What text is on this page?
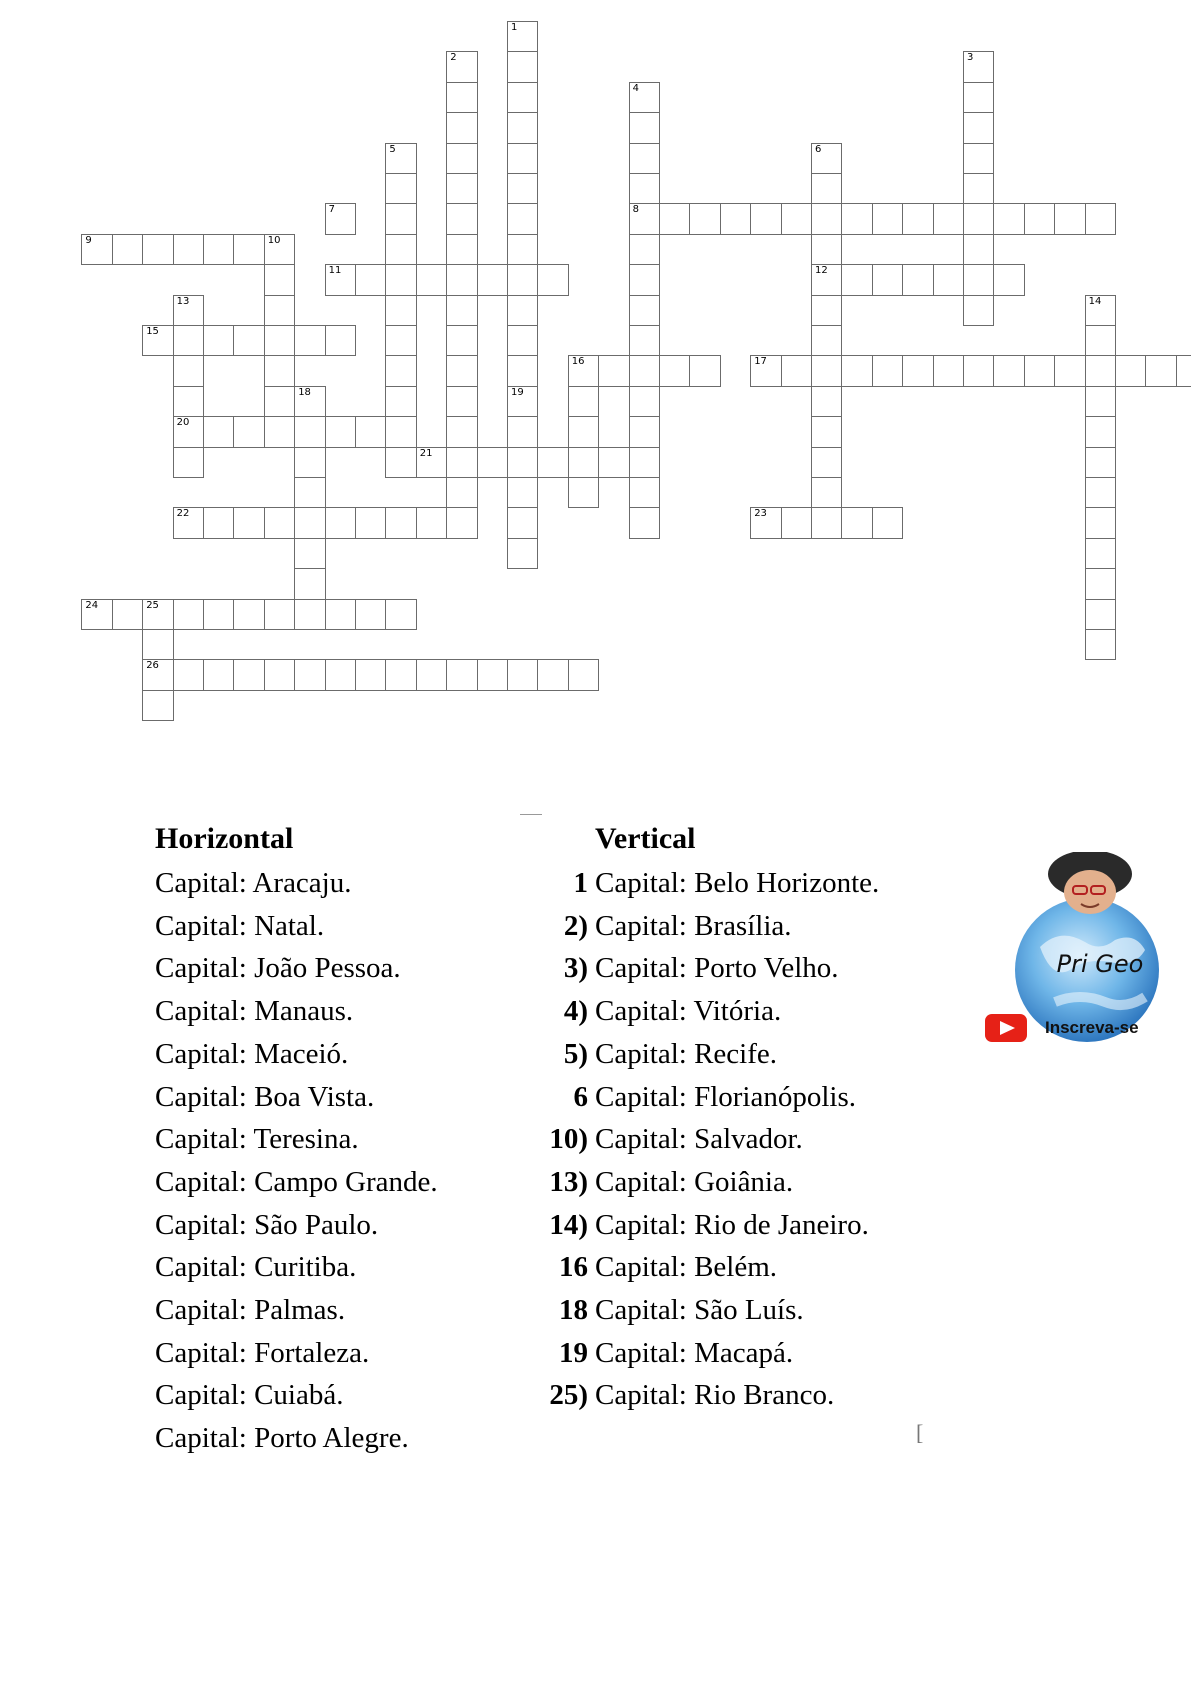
7
9	10
11
15
20
21
22
24	25
26
8
12
16	17
23
1
2	3
4
5	6
13	14
18	19
Horizontal
Capital: Aracaju.
Capital: Natal.
Capital: João Pessoa.
Capital: Manaus.
Capital: Maceió.
Capital: Boa Vista.
Capital: Teresina.
Capital: Campo Grande.
Capital: São Paulo.
Capital: Curitiba.
Capital: Palmas.
Capital: Fortaleza.
Capital: Cuiabá.
Capital: Porto Alegre.
Vertical
1 Capital: Belo Horizonte.
2) Capital: Brasília.
3) Capital: Porto Velho.
4) Capital: Vitória.
5) Capital: Recife.
6 Capital: Florianópolis.
10) Capital: Salvador.
13) Capital: Goiânia.
14) Capital: Rio de Janeiro.
16 Capital: Belém.
18 Capital: São Luís.
19 Capital: Macapá.
25) Capital: Rio Branco.
[
Pri Geo
Inscreva-se
